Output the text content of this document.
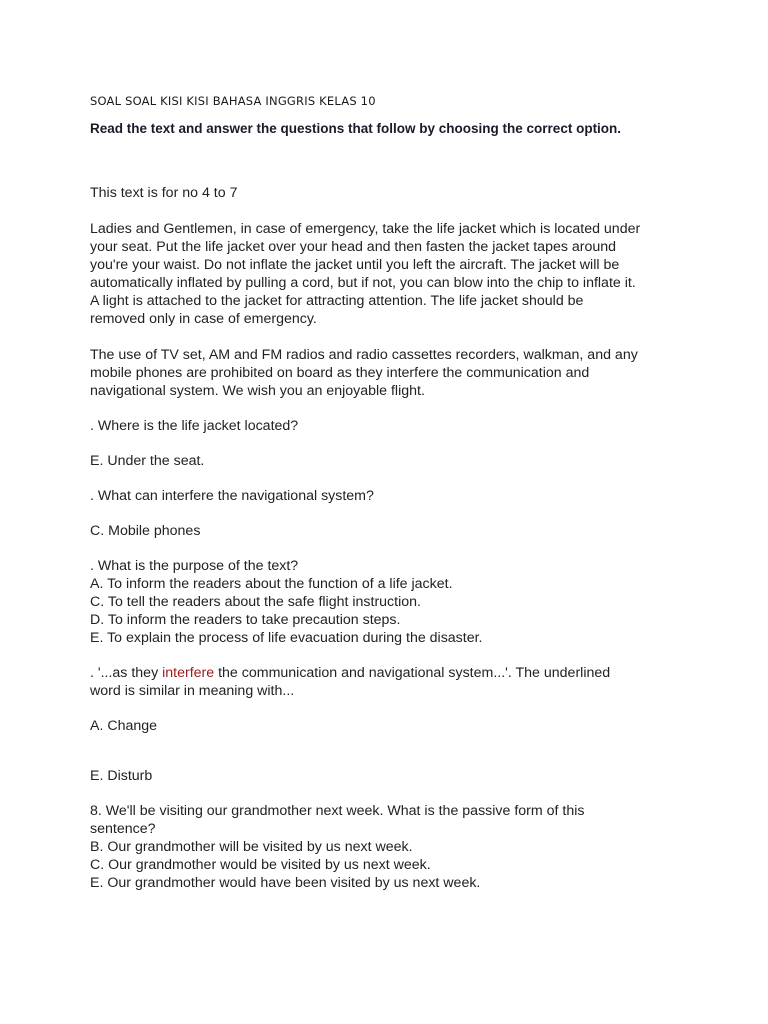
SOAL SOAL KISI KISI BAHASA INGGRIS KELAS 10
Read the text and answer the questions that follow by choosing the correct option.

This text is for no 4 to 7

Ladies and Gentlemen, in case of emergency, take the life jacket which is located under

your seat. Put the life jacket over your head and then fasten the jacket tapes around

you're your waist. Do not inflate the jacket until you left the aircraft. The jacket will be

automatically inflated by pulling a cord, but if not, you can blow into the chip to inflate it.

A light is attached to the jacket for attracting attention. The life jacket should be

removed only in case of emergency.

The use of TV set, AM and FM radios and radio cassettes recorders, walkman, and any

mobile phones are prohibited on board as they interfere the communication and

navigational system. We wish you an enjoyable flight.

. Where is the life jacket located?

E. Under the seat.

. What can interfere the navigational system?

C. Mobile phones

. What is the purpose of the text?

A. To inform the readers about the function of a life jacket.

C. To tell the readers about the safe flight instruction.

D. To inform the readers to take precaution steps.

E. To explain the process of life evacuation during the disaster.

. '...as they interfere the communication and navigational system...'. The underlined

word is similar in meaning with...

A. Change

E. Disturb

8. We'll be visiting our grandmother next week. What is the passive form of this

sentence?

B. Our grandmother will be visited by us next week.

C. Our grandmother would be visited by us next week.

E. Our grandmother would have been visited by us next week.
